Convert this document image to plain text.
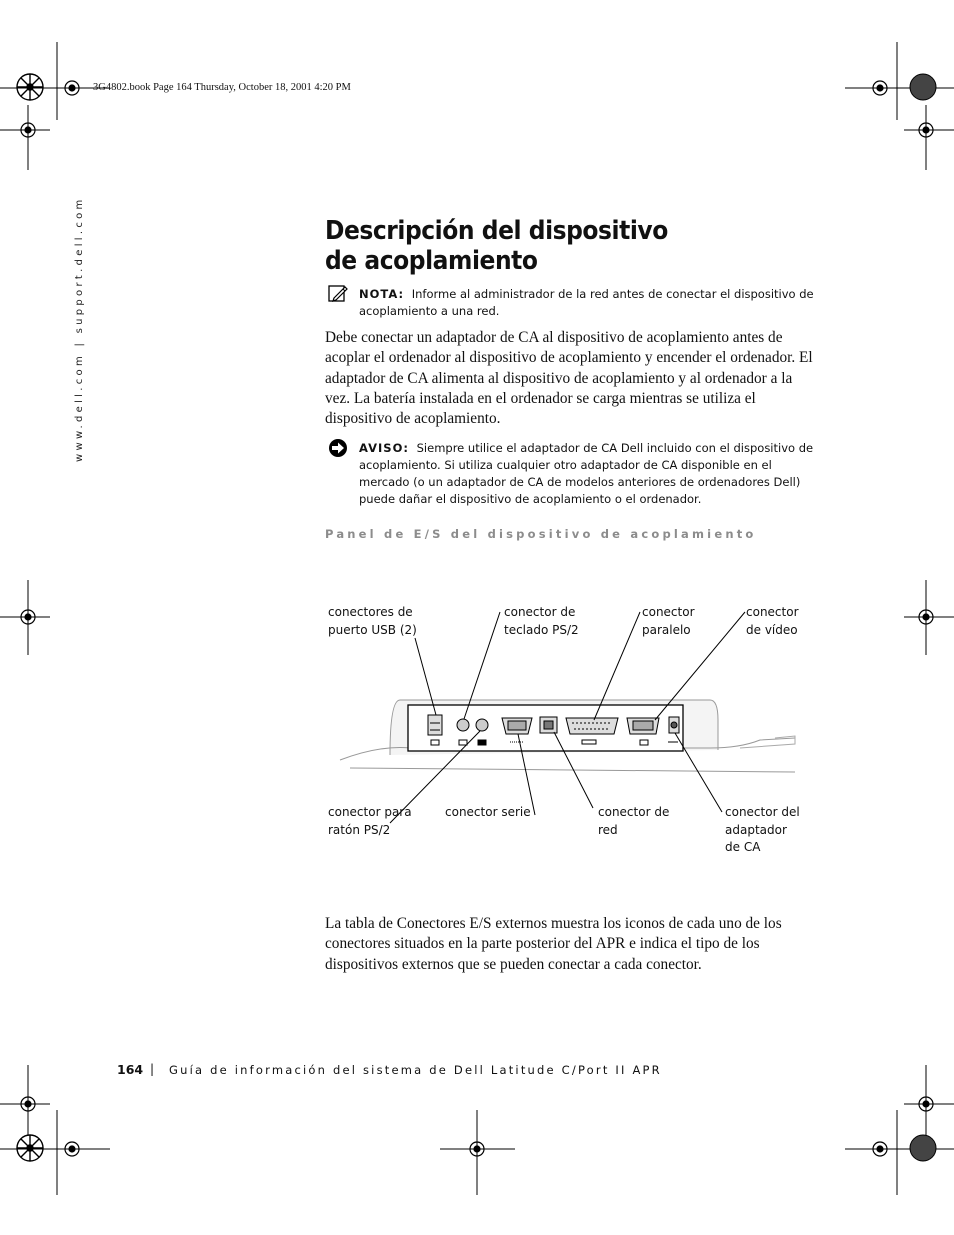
3G4802.book Page 164 Thursday, October 18, 2001 4:20 PM
www.dell.com | support.dell.com	Descripción del dispositivo
de acoplamiento
NOTA: Informe al administrador de la red antes de conectar el dispositivo de acoplamiento a una red.

Debe conectar un adaptador de CA al dispositivo de acoplamiento antes de acoplar el ordenador al dispositivo de acoplamiento y encender el ordenador. El adaptador de CA alimenta al dispositivo de acoplamiento y al ordenador a la vez. La batería instalada en el ordenador se carga mientras se utiliza el dispositivo de acoplamiento.

AVISO: Siempre utilice el adaptador de CA Dell incluido con el dispositivo de acoplamiento. Si utiliza cualquier otro adaptador de CA disponible en el mercado (o un adaptador de CA de modelos anteriores de ordenadores Dell) puede dañar el dispositivo de acoplamiento o el ordenador.
Panel de E/S del dispositivo de acoplamiento
conectores de
puerto USB (2)
conector de
teclado PS/2
conector
paralelo
conector
de vídeo
conector para
ratón PS/2
conector serie	conector de
red
conector del
adaptador
de CA

La tabla de Conectores E/S externos muestra los iconos de cada uno de los conectores situados en la parte posterior del APR e indica el tipo de los dispositivos externos que se pueden conectar a cada conector.

164 | Guía de información del sistema de Dell Latitude C/Port II APR
